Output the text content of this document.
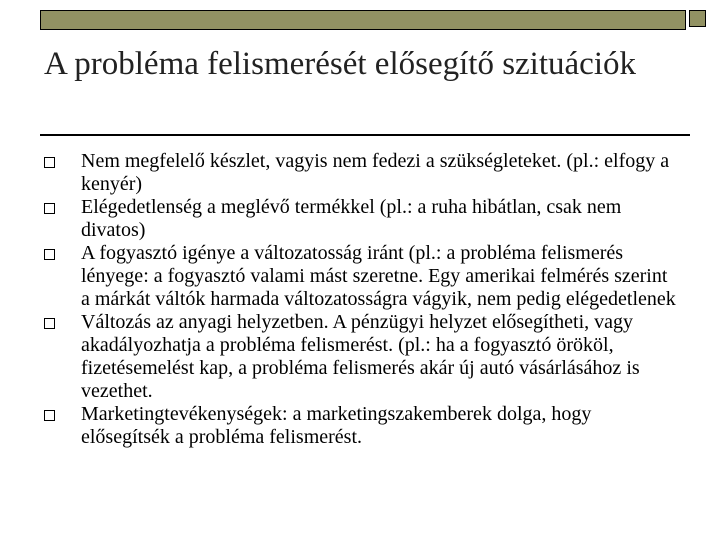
A probléma felismerését elősegítő szituációk
Nem megfelelő készlet, vagyis nem fedezi a szükségleteket. (pl.: elfogy a kenyér)
Elégedetlenség a meglévő termékkel (pl.: a ruha hibátlan, csak nem divatos)
A fogyasztó igénye a változatosság iránt (pl.: a probléma felismerés lényege: a fogyasztó valami mást szeretne. Egy amerikai felmérés szerint a márkát váltók harmada változatosságra vágyik, nem pedig elégedetlenek
Változás az anyagi helyzetben. A pénzügyi helyzet elősegítheti, vagy akadályozhatja a probléma felismerést. (pl.: ha a fogyasztó örököl, fizetésemelést kap, a probléma felismerés akár új autó vásárlásához is vezethet.
Marketingtevékenységek: a marketingszakemberek dolga, hogy elősegítsék a probléma felismerést.
